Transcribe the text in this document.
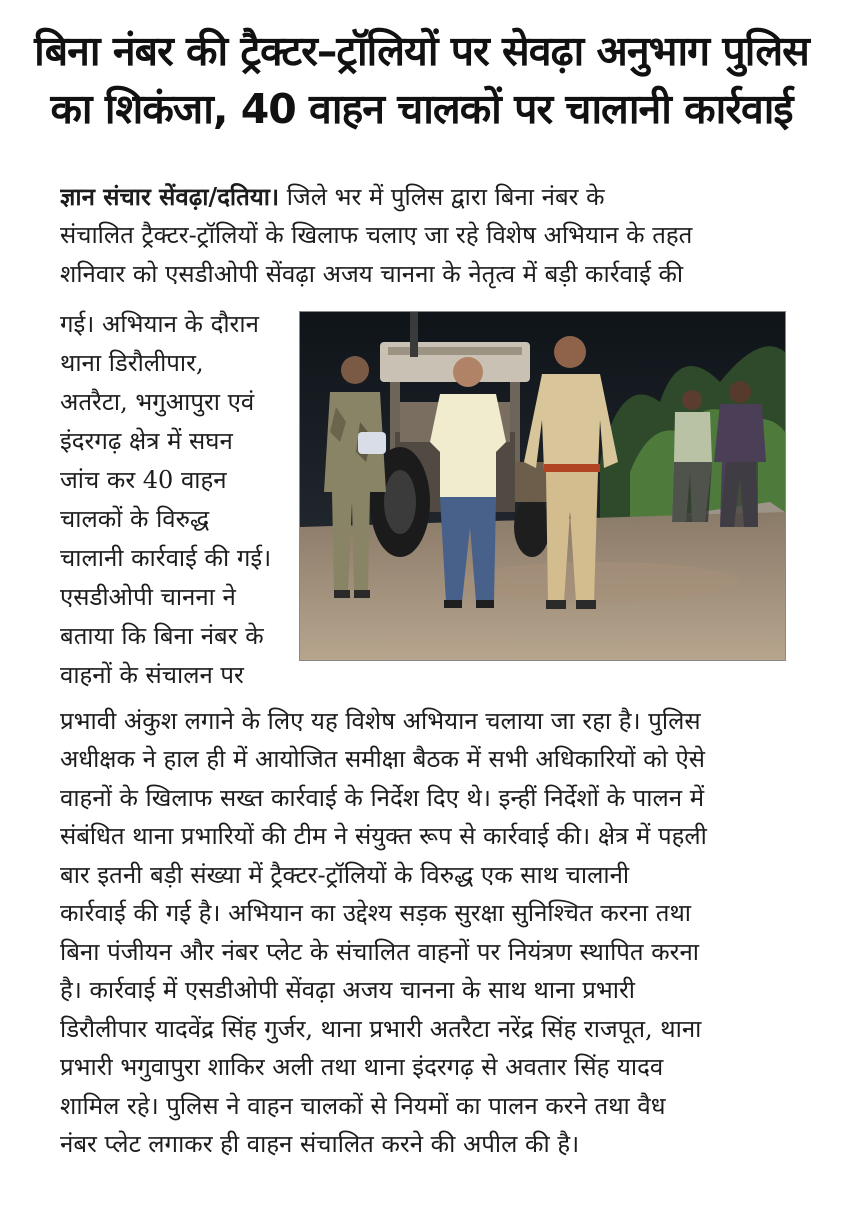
बिना नंबर की ट्रैक्टर–ट्रॉलियों पर सेवढ़ा अनुभाग पुलिस
का शिकंजा, 40 वाहन चालकों पर चालानी कार्रवाई
ज्ञान संचार सेंवढ़ा/दतिया। जिले भर में पुलिस द्वारा बिना नंबर के
संचालित ट्रैक्टर-ट्रॉलियों के खिलाफ चलाए जा रहे विशेष अभियान के तहत
शनिवार को एसडीओपी सेंवढ़ा अजय चानना के नेतृत्व में बड़ी कार्रवाई की
गई। अभियान के दौरान
थाना डिरौलीपार,
अतरैटा, भगुआपुरा एवं
इंदरगढ़ क्षेत्र में सघन
जांच कर 40 वाहन
चालकों के विरुद्ध
चालानी कार्रवाई की गई।
एसडीओपी चानना ने
बताया कि बिना नंबर के
वाहनों के संचालन पर
प्रभावी अंकुश लगाने के लिए यह विशेष अभियान चलाया जा रहा है। पुलिस
अधीक्षक ने हाल ही में आयोजित समीक्षा बैठक में सभी अधिकारियों को ऐसे
वाहनों के खिलाफ सख्त कार्रवाई के निर्देश दिए थे। इन्हीं निर्देशों के पालन में
संबंधित थाना प्रभारियों की टीम ने संयुक्त रूप से कार्रवाई की। क्षेत्र में पहली
बार इतनी बड़ी संख्या में ट्रैक्टर-ट्रॉलियों के विरुद्ध एक साथ चालानी
कार्रवाई की गई है। अभियान का उद्देश्य सड़क सुरक्षा सुनिश्चित करना तथा
बिना पंजीयन और नंबर प्लेट के संचालित वाहनों पर नियंत्रण स्थापित करना
है। कार्रवाई में एसडीओपी सेंवढ़ा अजय चानना के साथ थाना प्रभारी
डिरौलीपार यादवेंद्र सिंह गुर्जर, थाना प्रभारी अतरैटा नरेंद्र सिंह राजपूत, थाना
प्रभारी भगुवापुरा शाकिर अली तथा थाना इंदरगढ़ से अवतार सिंह यादव
शामिल रहे। पुलिस ने वाहन चालकों से नियमों का पालन करने तथा वैध
नंबर प्लेट लगाकर ही वाहन संचालित करने की अपील की है।
